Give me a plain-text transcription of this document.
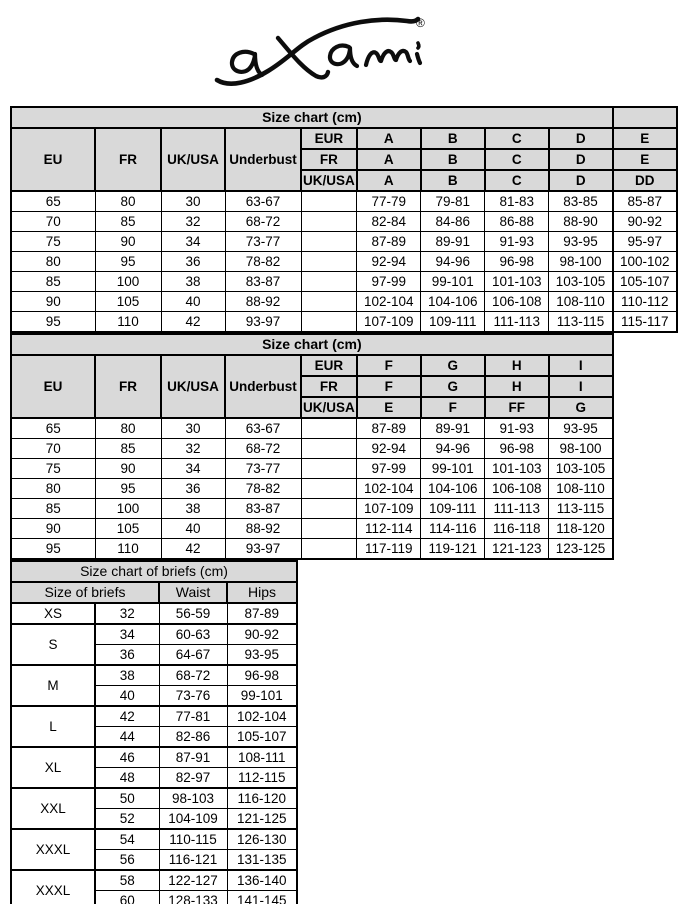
®
Size chart (cm)									
EU	FR	UK/USA	Underbust	EUR	A	B	C	D	E
				FR	A	B	C	D	E
				UK/USA	A	B	C	D	DD
65	80	30	63-67		77-79	79-81	81-83	83-85	85-87
70	85	32	68-72		82-84	84-86	86-88	88-90	90-92
75	90	34	73-77		87-89	89-91	91-93	93-95	95-97
80	95	36	78-82		92-94	94-96	96-98	98-100	100-102
85	100	38	83-87		97-99	99-101	101-103	103-105	105-107
90	105	40	88-92		102-104	104-106	106-108	108-110	110-112
95	110	42	93-97		107-109	109-111	111-113	113-115	115-117
Size chart (cm)								
EU	FR	UK/USA	Underbust	EUR	F	G	H	I
				FR	F	G	H	I
				UK/USA	E	F	FF	G
65	80	30	63-67		87-89	89-91	91-93	93-95
70	85	32	68-72		92-94	94-96	96-98	98-100
75	90	34	73-77		97-99	99-101	101-103	103-105
80	95	36	78-82		102-104	104-106	106-108	108-110
85	100	38	83-87		107-109	109-111	111-113	113-115
90	105	40	88-92		112-114	114-116	116-118	118-120
95	110	42	93-97		117-119	119-121	121-123	123-125
Size chart of briefs (cm)			
Size of briefs		Waist	Hips
XS	32	56-59	87-89
S	34	60-63	90-92
	36	64-67	93-95
M	38	68-72	96-98
	40	73-76	99-101
L	42	77-81	102-104
	44	82-86	105-107
XL	46	87-91	108-111
	48	82-97	112-115
XXL	50	98-103	116-120
	52	104-109	121-125
XXXL	54	110-115	126-130
	56	116-121	131-135
XXXL	58	122-127	136-140
	60	128-133	141-145
